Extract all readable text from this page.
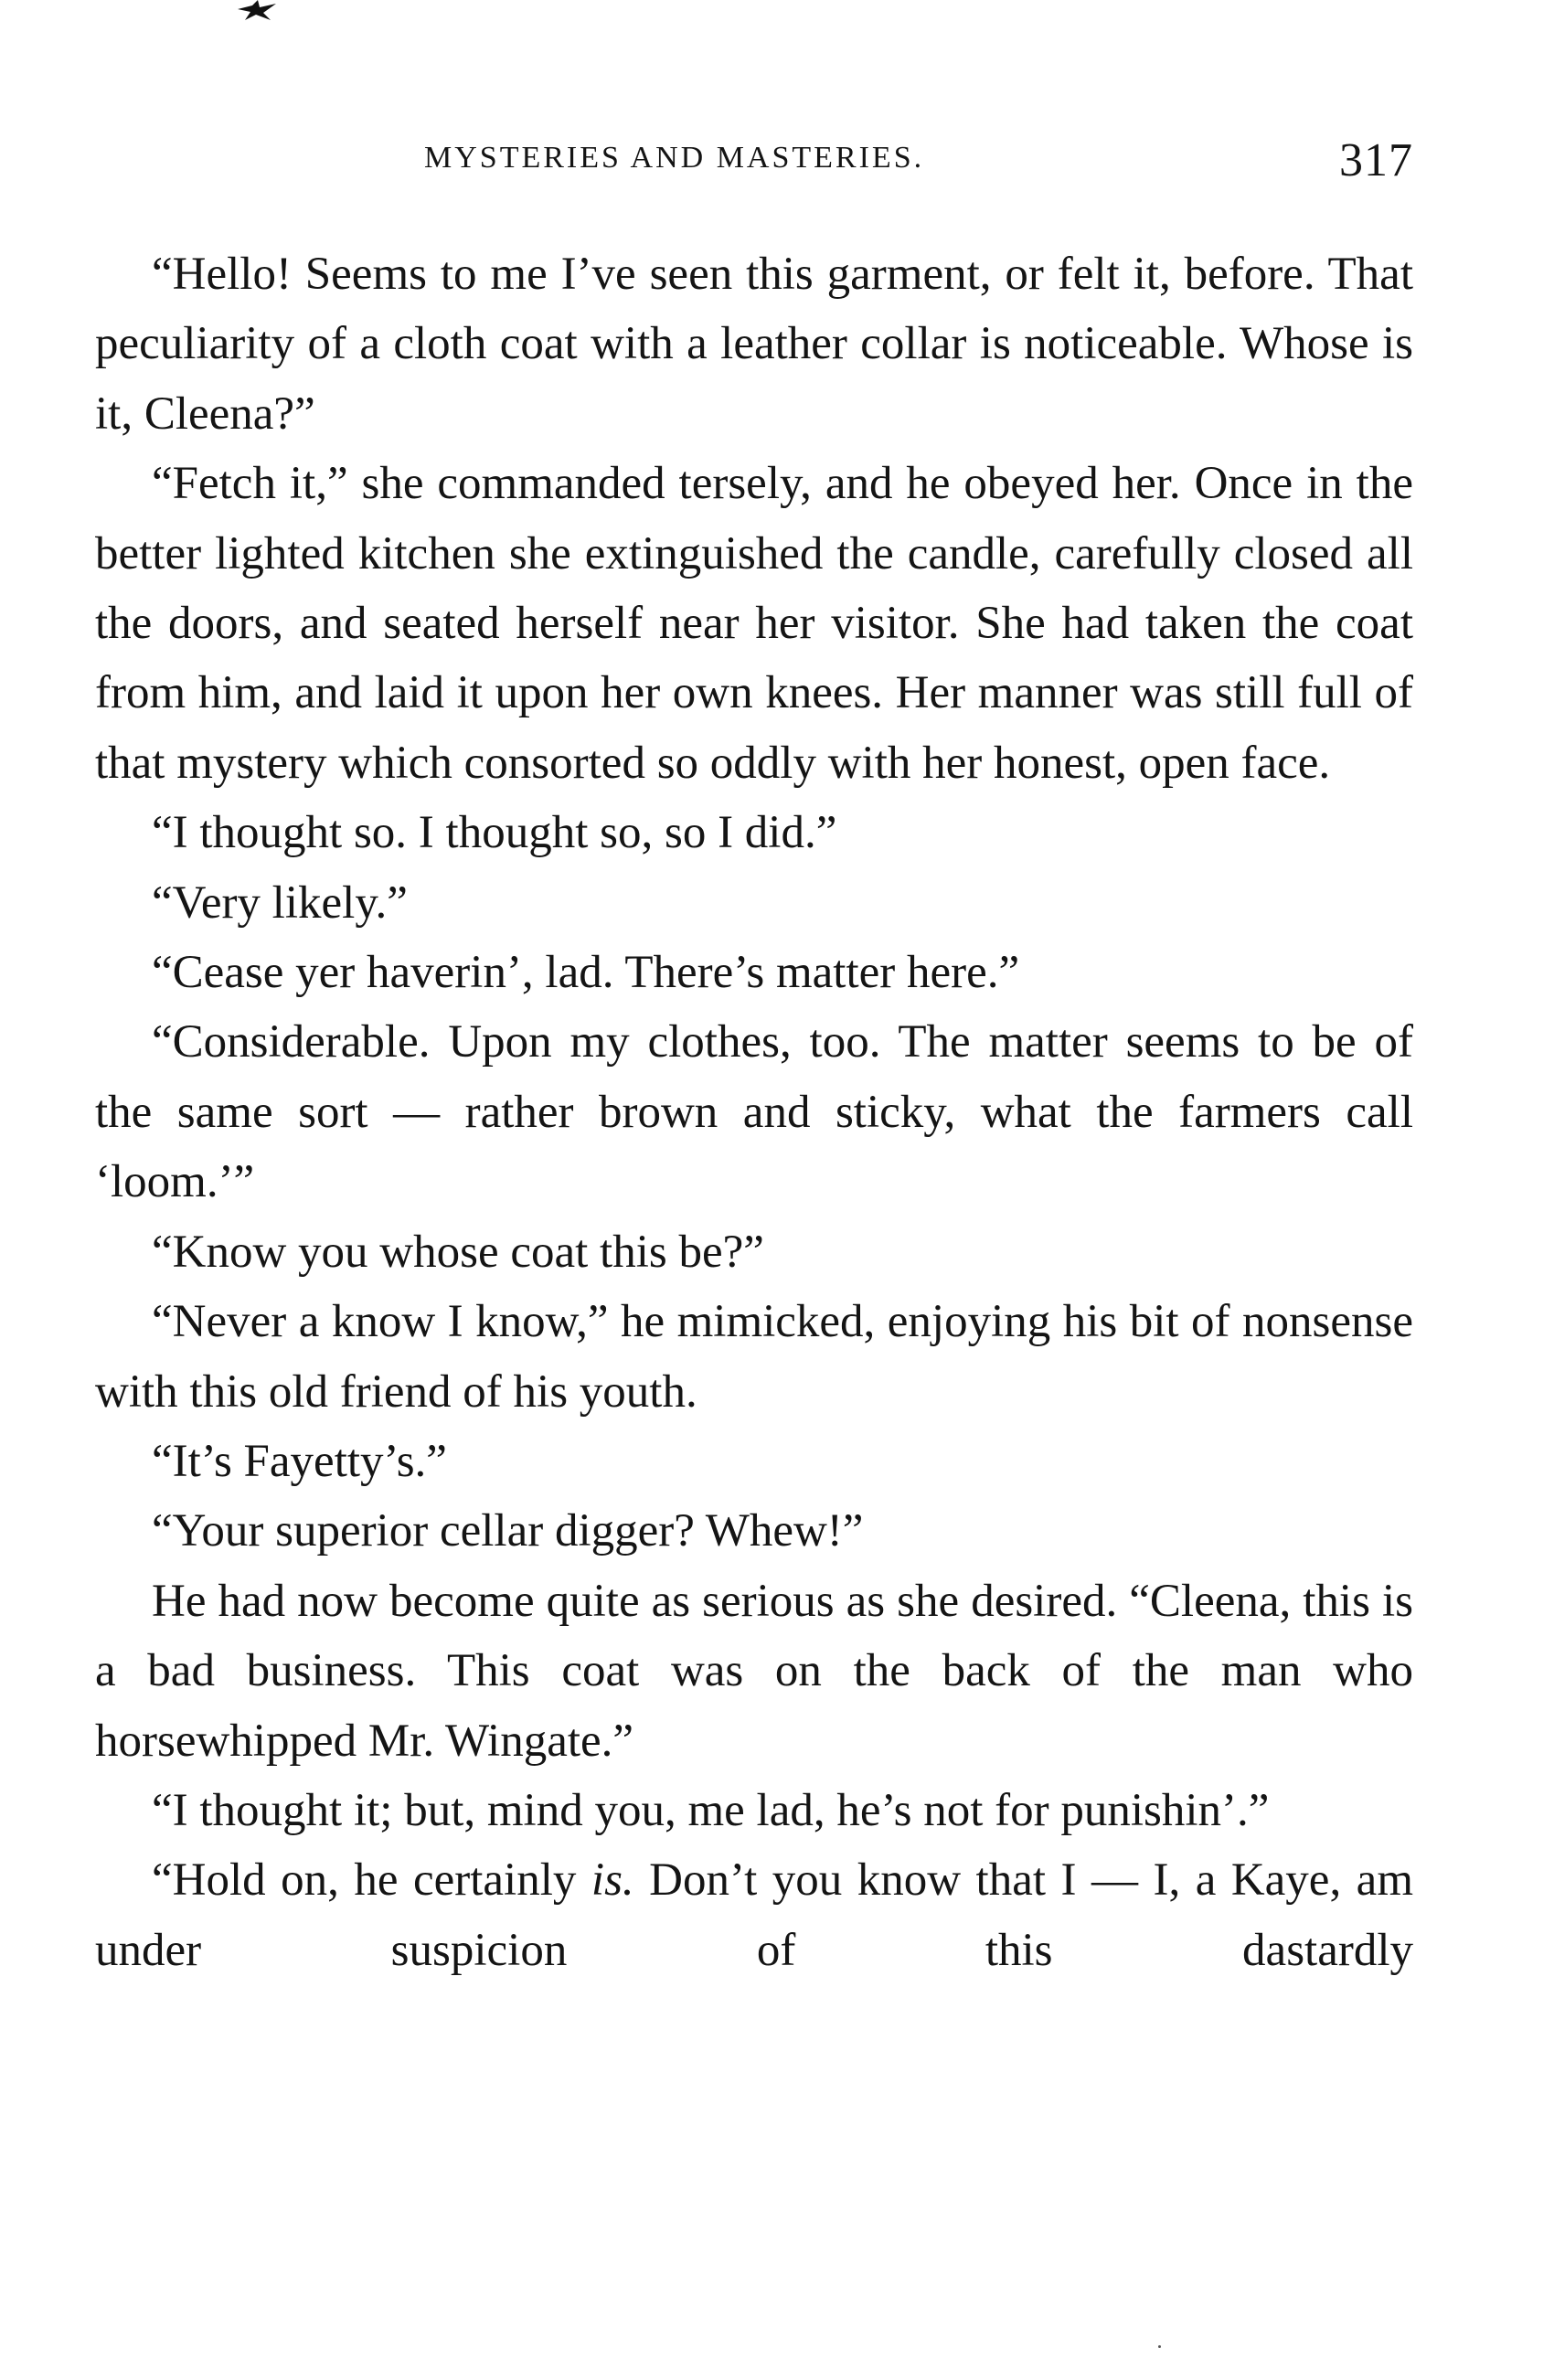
MYSTERIES AND MASTERIES.	317

“Hello! Seems to me I’ve seen this garment, or felt it, before. That peculiarity of a cloth coat with a leather collar is noticeable. Whose is it, Cleena?”

“Fetch it,” she commanded tersely, and he obeyed her. Once in the better lighted kitchen she extinguished the candle, carefully closed all the doors, and seated herself near her visitor. She had taken the coat from him, and laid it upon her own knees. Her manner was still full of that mystery which consorted so oddly with her honest, open face.

“I thought so. I thought so, so I did.”

“Very likely.”

“Cease yer haverin’, lad. There’s matter here.”

“Considerable. Upon my clothes, too. The matter seems to be of the same sort — rather brown and sticky, what the farmers call ‘loom.’”

“Know you whose coat this be?”

“Never a know I know,” he mimicked, enjoying his bit of nonsense with this old friend of his youth.

“It’s Fayetty’s.”

“Your superior cellar digger? Whew!”

He had now become quite as serious as she desired. “Cleena, this is a bad business. This coat was on the back of the man who horsewhipped Mr. Wingate.”

“I thought it; but, mind you, me lad, he’s not for punishin’.”

“Hold on, he certainly is. Don’t you know that I — I, a Kaye, am under suspicion of this dastardly
